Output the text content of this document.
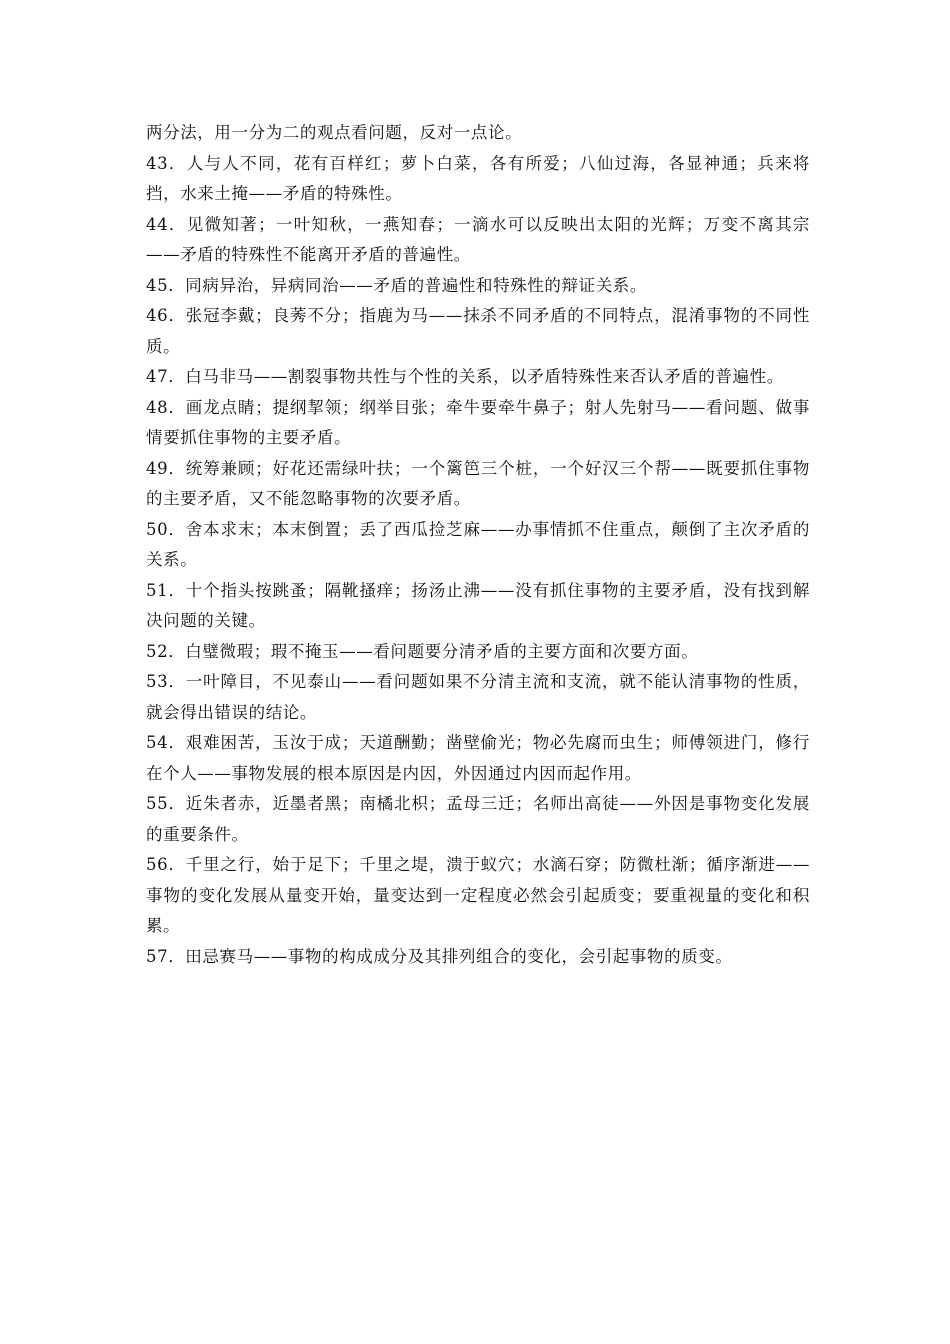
两分法，用一分为二的观点看问题，反对一点论。

43．人与人不同，花有百样红；萝卜白菜，各有所爱；八仙过海，各显神通；兵来将挡，水来土掩——矛盾的特殊性。

44．见微知著；一叶知秋，一燕知春；一滴水可以反映出太阳的光辉；万变不离其宗——矛盾的特殊性不能离开矛盾的普遍性。

45．同病异治，异病同治——矛盾的普遍性和特殊性的辩证关系。

46．张冠李戴；良莠不分；指鹿为马——抹杀不同矛盾的不同特点，混淆事物的不同性质。

47．白马非马——割裂事物共性与个性的关系，以矛盾特殊性来否认矛盾的普遍性。

48．画龙点睛；提纲挈领；纲举目张；牵牛要牵牛鼻子；射人先射马——看问题、做事情要抓住事物的主要矛盾。

49．统筹兼顾；好花还需绿叶扶；一个篱笆三个桩，一个好汉三个帮——既要抓住事物的主要矛盾，又不能忽略事物的次要矛盾。

50．舍本求末；本末倒置；丢了西瓜捡芝麻——办事情抓不住重点，颠倒了主次矛盾的关系。

51．十个指头按跳蚤；隔靴搔痒；扬汤止沸——没有抓住事物的主要矛盾，没有找到解决问题的关键。

52．白璧微瑕；瑕不掩玉——看问题要分清矛盾的主要方面和次要方面。

53．一叶障目，不见泰山——看问题如果不分清主流和支流，就不能认清事物的性质，就会得出错误的结论。

54．艰难困苦，玉汝于成；天道酬勤；凿壁偷光；物必先腐而虫生；师傅领进门，修行在个人——事物发展的根本原因是内因，外因通过内因而起作用。

55．近朱者赤，近墨者黑；南橘北枳；孟母三迁；名师出高徒——外因是事物变化发展的重要条件。

56．千里之行，始于足下；千里之堤，溃于蚁穴；水滴石穿；防微杜渐；循序渐进——事物的变化发展从量变开始，量变达到一定程度必然会引起质变；要重视量的变化和积累。

57．田忌赛马——事物的构成成分及其排列组合的变化，会引起事物的质变。
